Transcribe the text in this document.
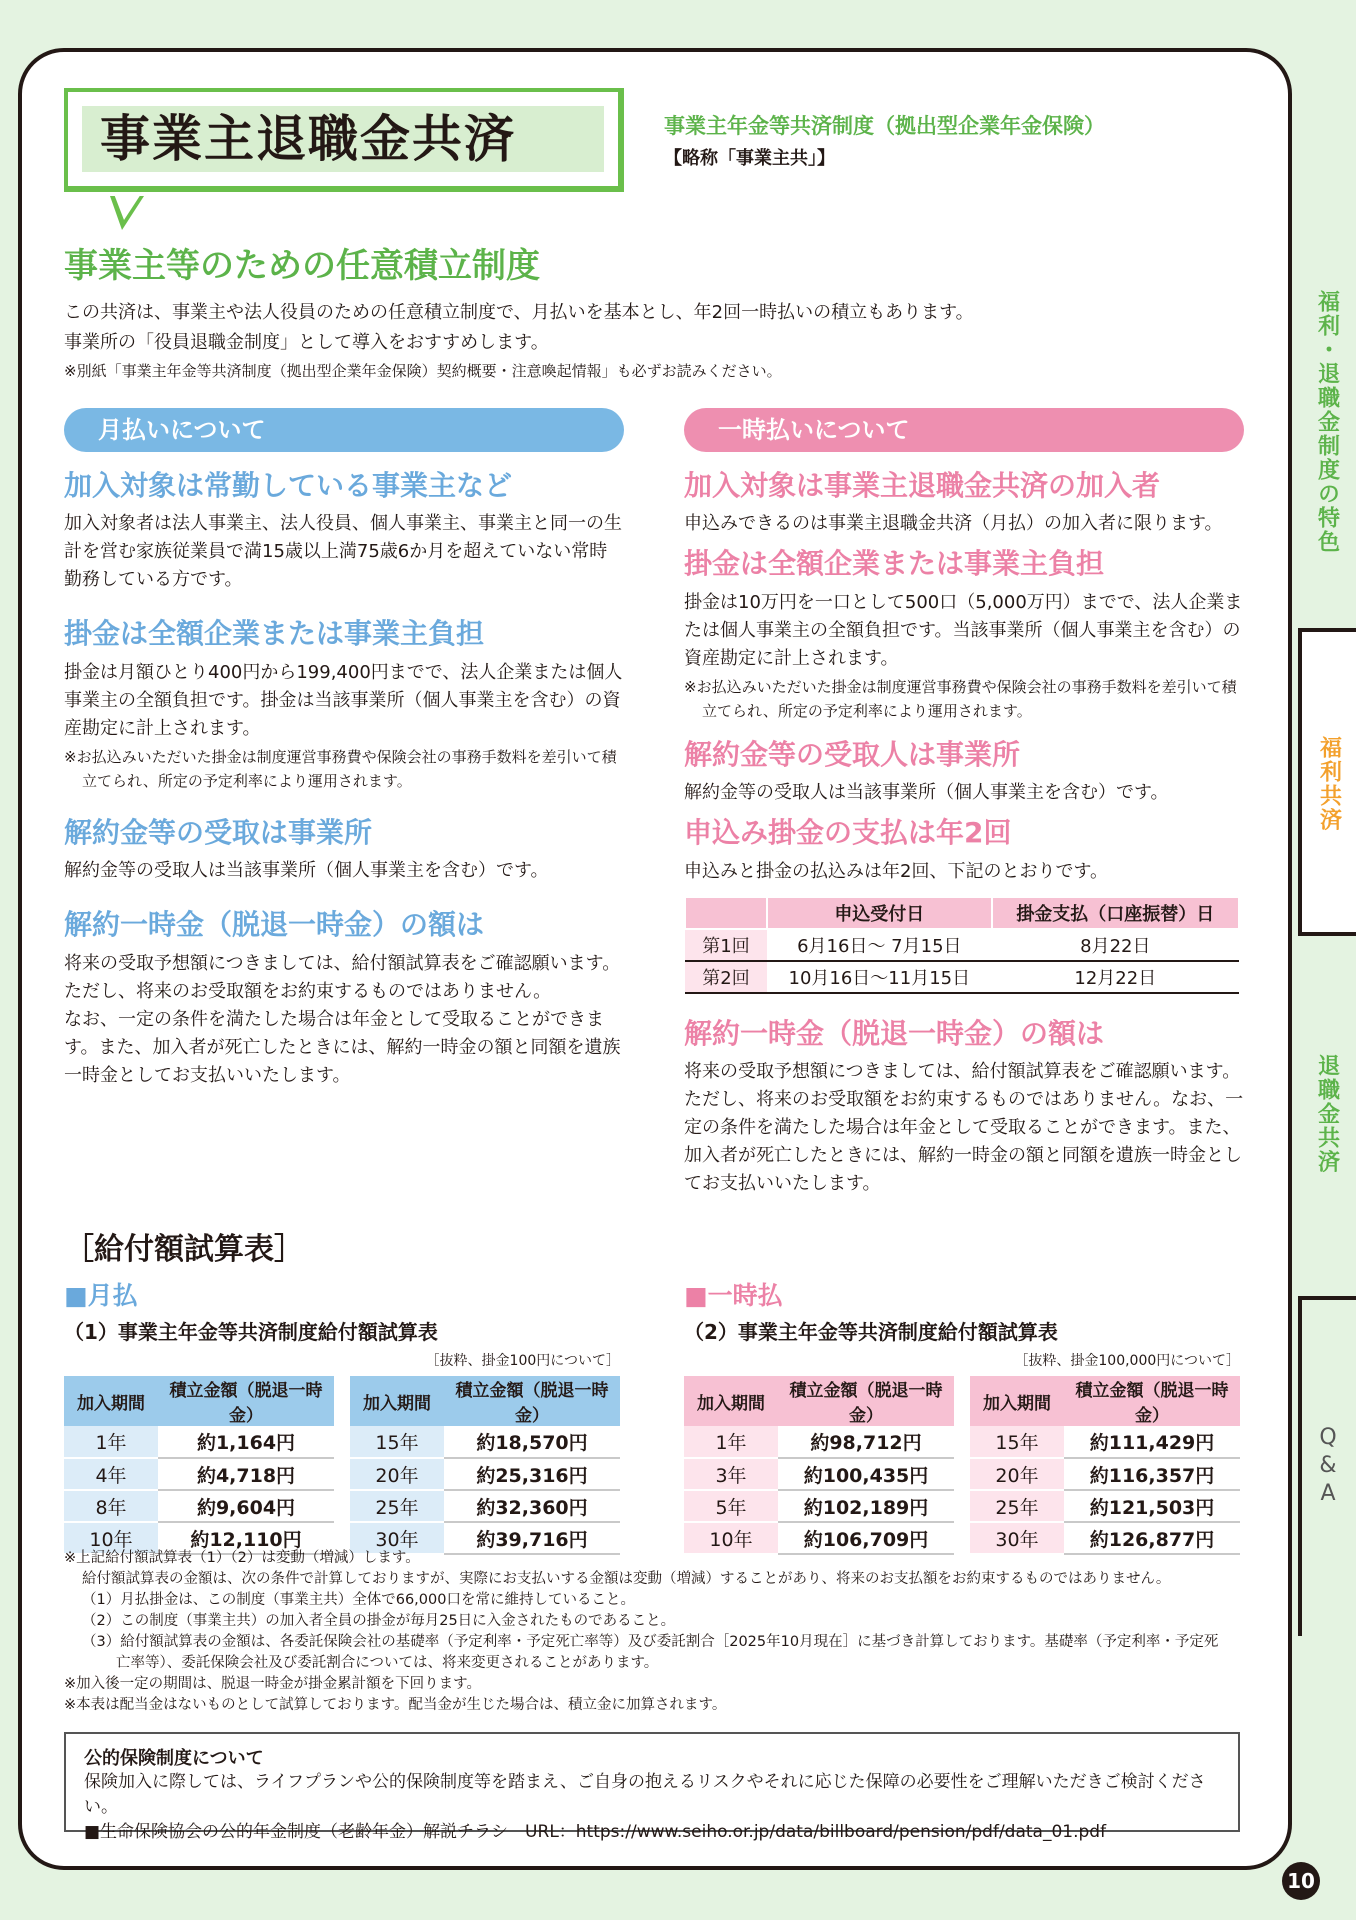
福利・退職金制度の特色
福利共済
退職金共済
Q&A
事業主退職金共済	事業主年金等共済制度（拠出型企業年金保険）
【略称「事業主共」】
事業主等のための任意積立制度
この共済は、事業主や法人役員のための任意積立制度で、月払いを基本とし、年2回一時払いの積立もあります。
事業所の「役員退職金制度」として導入をおすすめします。
※別紙「事業主年金等共済制度（拠出型企業年金保険）契約概要・注意喚起情報」も必ずお読みください。
月払いについて
加入対象は常勤している事業主など
加入対象者は法人事業主、法人役員、個人事業主、事業主と同一の生計を営む家族従業員で満15歳以上満75歳6か月を超えていない常時勤務している方です。
掛金は全額企業または事業主負担
掛金は月額ひとり400円から199,400円までで、法人企業または個人事業主の全額負担です。掛金は当該事業所（個人事業主を含む）の資産勘定に計上されます。
※お払込みいただいた掛金は制度運営事務費や保険会社の事務手数料を差引いて積立てられ、所定の予定利率により運用されます。
解約金等の受取は事業所
解約金等の受取人は当該事業所（個人事業主を含む）です。
解約一時金（脱退一時金）の額は
将来の受取予想額につきましては、給付額試算表をご確認願います。ただし、将来のお受取額をお約束するものではありません。
なお、一定の条件を満たした場合は年金として受取ることができます。また、加入者が死亡したときには、解約一時金の額と同額を遺族一時金としてお支払いいたします。
一時払いについて
加入対象は事業主退職金共済の加入者
申込みできるのは事業主退職金共済（月払）の加入者に限ります。
掛金は全額企業または事業主負担
掛金は10万円を一口として500口（5,000万円）までで、法人企業または個人事業主の全額負担です。当該事業所（個人事業主を含む）の資産勘定に計上されます。
※お払込みいただいた掛金は制度運営事務費や保険会社の事務手数料を差引いて積立てられ、所定の予定利率により運用されます。
解約金等の受取人は事業所
解約金等の受取人は当該事業所（個人事業主を含む）です。
申込み掛金の支払は年2回
申込みと掛金の払込みは年2回、下記のとおりです。
	申込受付日	掛金支払（口座振替）日
第1回	6月16日～ 7月15日	8月22日
第2回	10月16日～11月15日	12月22日
解約一時金（脱退一時金）の額は
将来の受取予想額につきましては、給付額試算表をご確認願います。ただし、将来のお受取額をお約束するものではありません。なお、一定の条件を満たした場合は年金として受取ることができます。また、加入者が死亡したときには、解約一時金の額と同額を遺族一時金としてお支払いいたします。
［給付額試算表］
■月払	■一時払
（1）事業主年金等共済制度給付額試算表	（2）事業主年金等共済制度給付額試算表
［抜粋、掛金100円について］	［抜粋、掛金100,000円について］
加入期間	積立金額（脱退一時金）
1年	約1,164円
4年	約4,718円
8年	約9,604円
10年	約12,110円
加入期間	積立金額（脱退一時金）
15年	約18,570円
20年	約25,316円
25年	約32,360円
30年	約39,716円
加入期間	積立金額（脱退一時金）
1年	約98,712円
3年	約100,435円
5年	約102,189円
10年	約106,709円
加入期間	積立金額（脱退一時金）
15年	約111,429円
20年	約116,357円
25年	約121,503円
30年	約126,877円
※上記給付額試算表（1）（2）は変動（増減）します。
給付額試算表の金額は、次の条件で計算しておりますが、実際にお支払いする金額は変動（増減）することがあり、将来のお支払額をお約束するものではありません。
（1）月払掛金は、この制度（事業主共）全体で66,000口を常に維持していること。
（2）この制度（事業主共）の加入者全員の掛金が毎月25日に入金されたものであること。
（3）給付額試算表の金額は、各委託保険会社の基礎率（予定利率・予定死亡率等）及び委託割合［2025年10月現在］に基づき計算しております。基礎率（予定利率・予定死
亡率等）、委託保険会社及び委託割合については、将来変更されることがあります。
※加入後一定の期間は、脱退一時金が掛金累計額を下回ります。
※本表は配当金はないものとして試算しております。配当金が生じた場合は、積立金に加算されます。
公的保険制度について
保険加入に際しては、ライフプランや公的保険制度等を踏まえ、ご自身の抱えるリスクやそれに応じた保障の必要性をご理解いただきご検討ください。
■生命保険協会の公的年金制度（老齢年金）解説チラシ　URL：https://www.seiho.or.jp/data/billboard/pension/pdf/data_01.pdf
10
